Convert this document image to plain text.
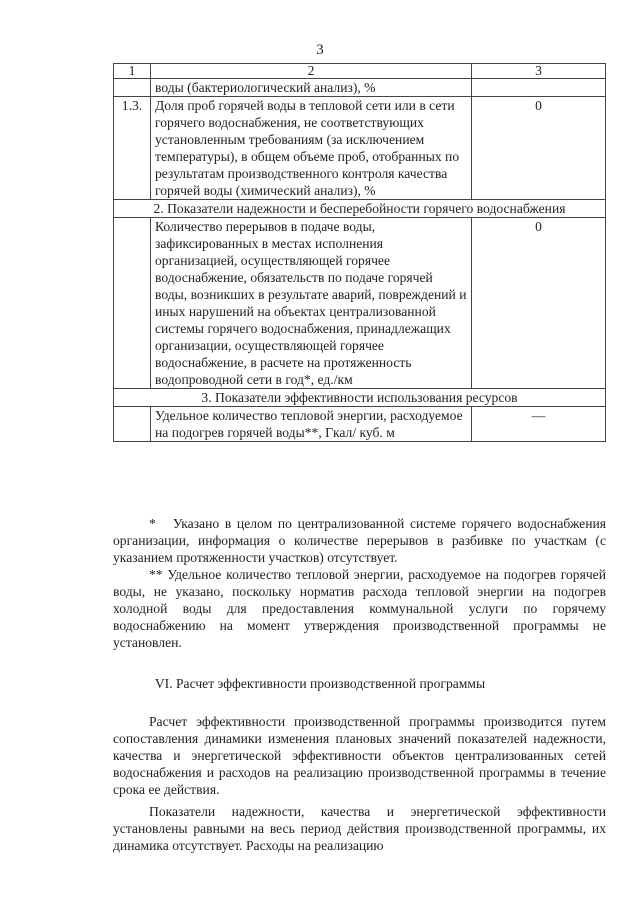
3
1	2	3
	воды (бактериологический анализ), %	
1.3.	Доля проб горячей воды в тепловой сети или в сети горячего водоснабжения, не соответствующих установленным требованиям (за исключением температуры), в общем объеме проб, отобранных по результатам производственного контроля качества горячей воды (химический анализ), %	0
2. Показатели надежности и бесперебойности горячего водоснабжения		
	Количество перерывов в подаче воды, зафиксированных в местах исполнения организацией, осуществляющей горячее водоснабжение, обязательств по подаче горячей воды, возникших в результате аварий, повреждений и иных нарушений на объектах централизованной системы горячего водоснабжения, принадлежащих организации, осуществляющей горячее водоснабжение, в расчете на протяженность водопроводной сети в год*, ед./км	0
3. Показатели эффективности использования ресурсов		
	Удельное количество тепловой энергии, расходуемое на подогрев горячей воды**, Гкал/ куб. м	—

*   Указано в целом по централизованной системе горячего водоснабжения организации, информация о количестве перерывов в разбивке по участкам (с указанием протяженности участков) отсутствует.

** Удельное количество тепловой энергии, расходуемое на подогрев горячей воды, не указано, поскольку норматив расхода тепловой энергии на подогрев холодной воды для предоставления коммунальной услуги по горячему водоснабжению на момент утверждения производственной программы не установлен.

VI. Расчет эффективности производственной программы

Расчет эффективности производственной программы производится путем сопоставления динамики изменения плановых значений показателей надежности, качества и энергетической эффективности объектов централизованных сетей водоснабжения и расходов на реализацию производственной программы в течение срока ее действия.

Показатели надежности, качества и энергетической эффективности установлены равными на весь период действия производственной программы, их динамика отсутствует. Расходы на реализацию
